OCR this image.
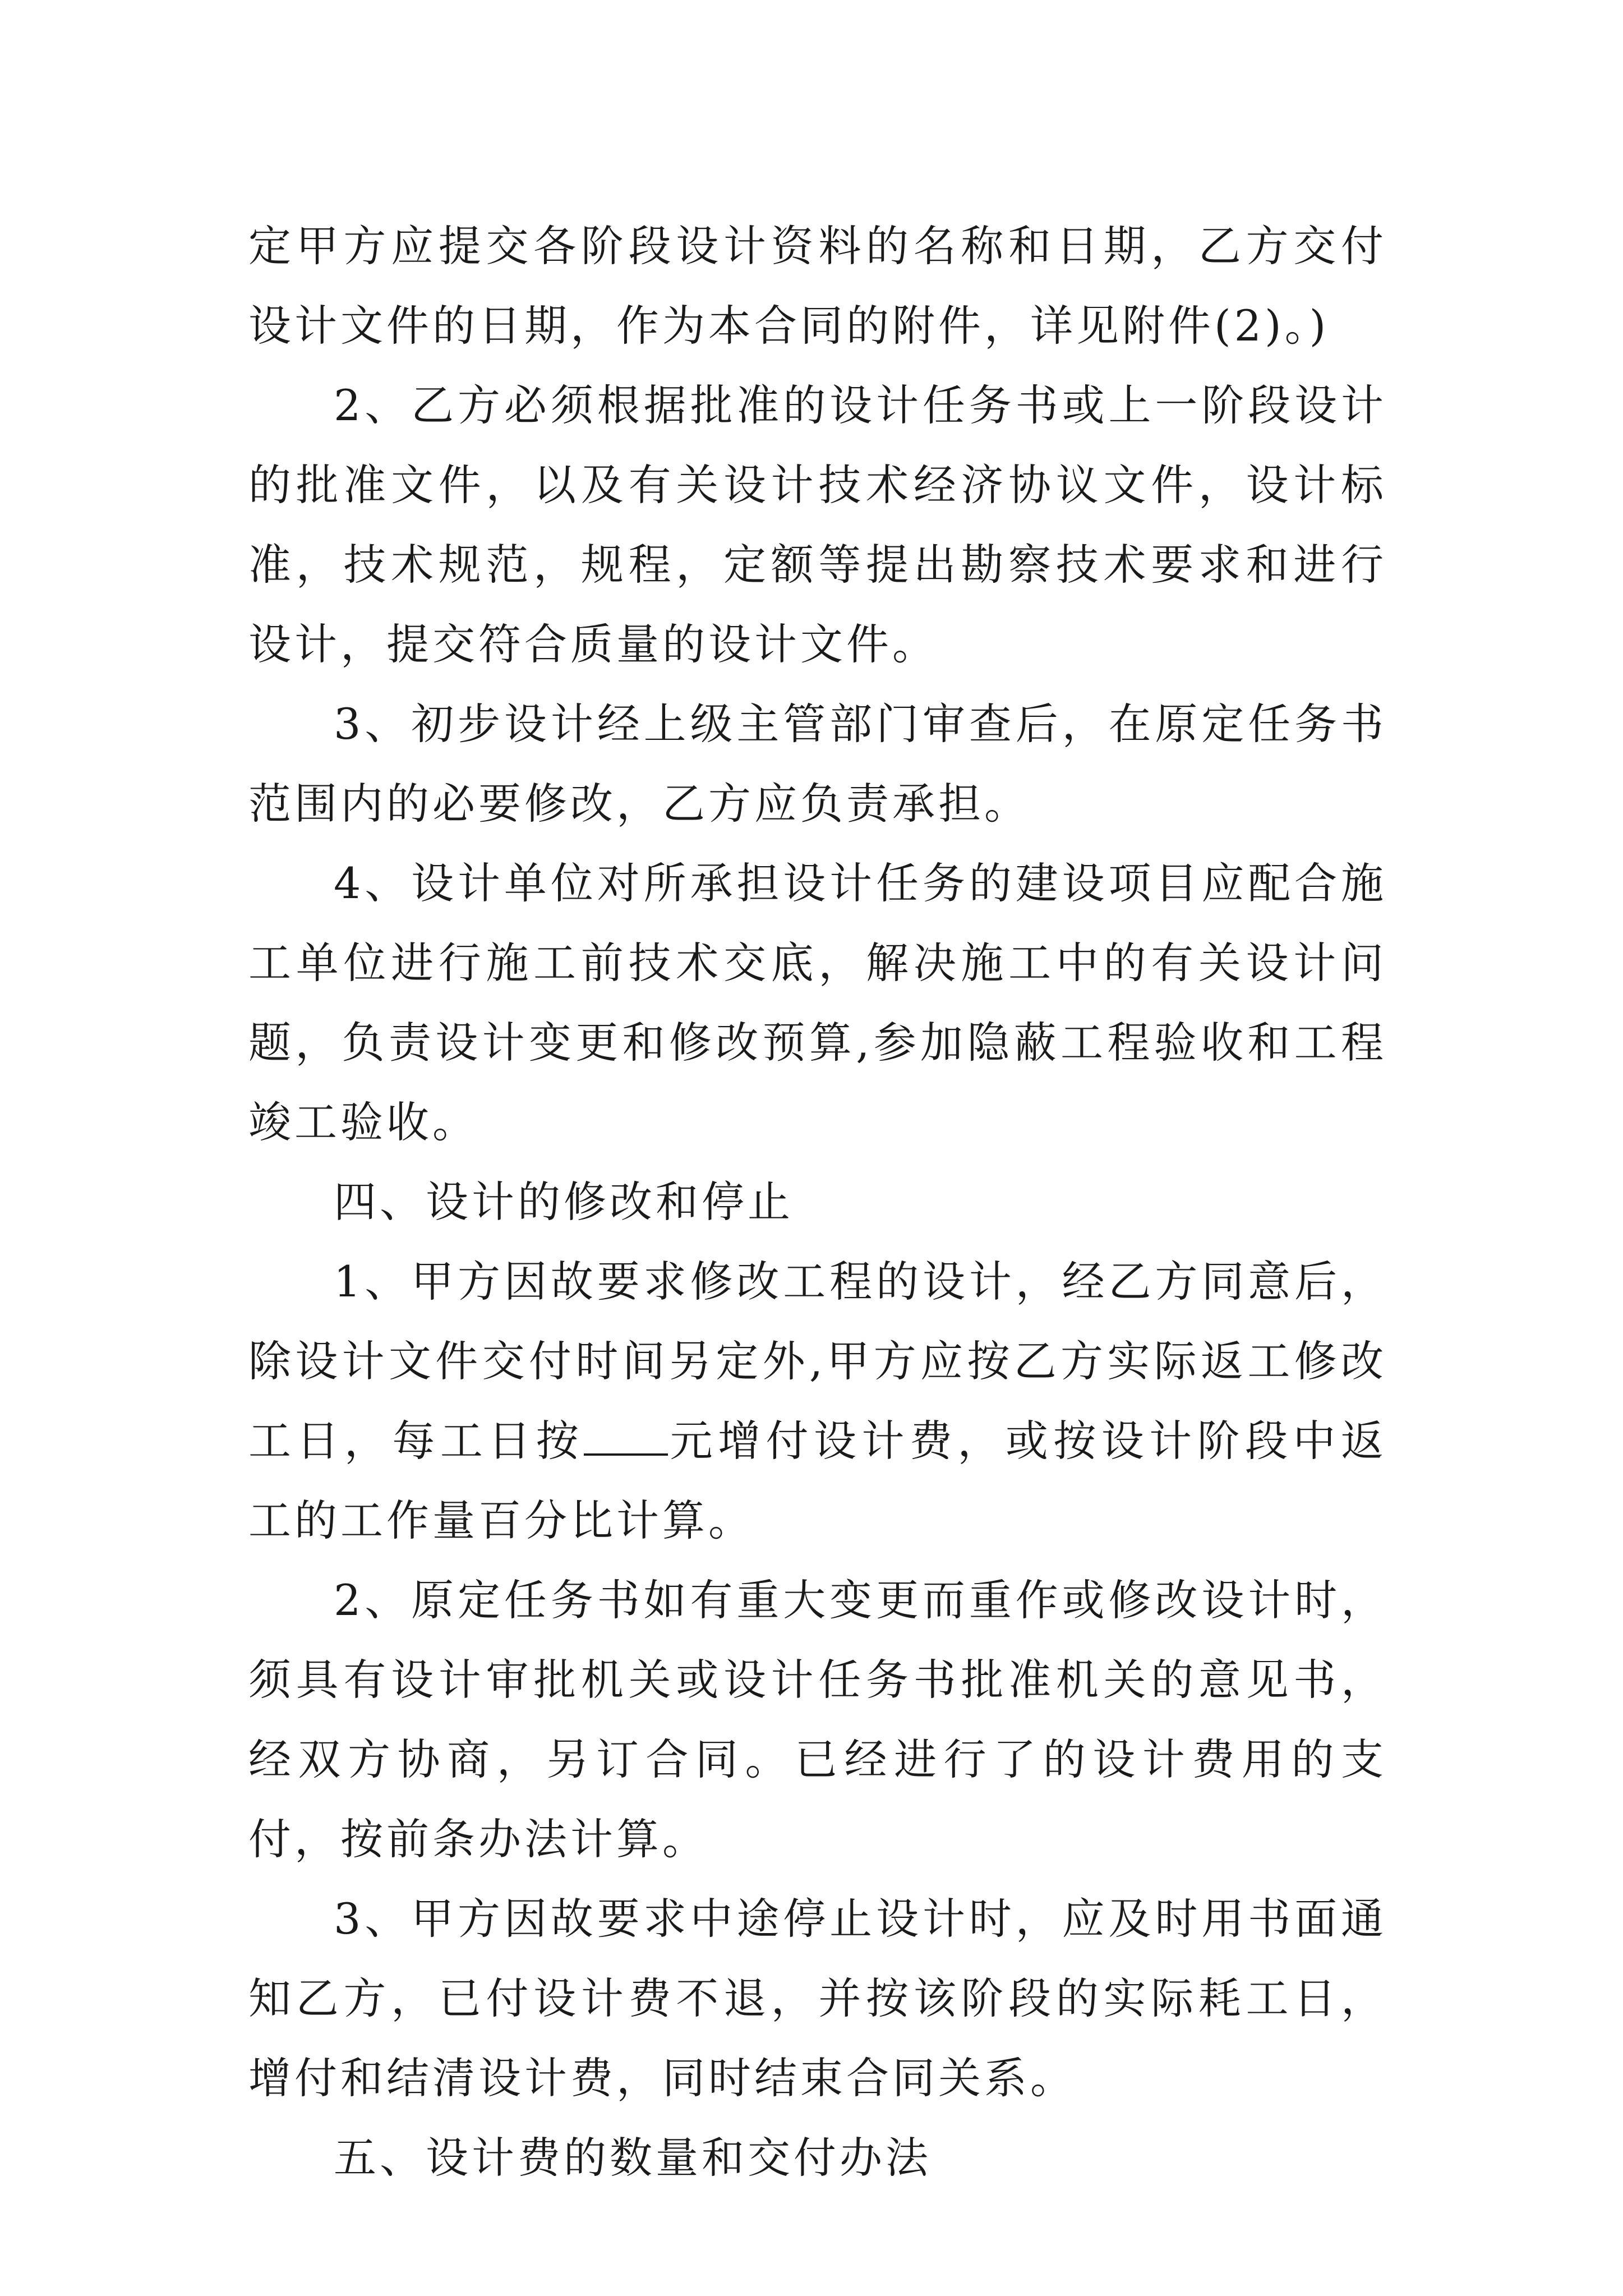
定甲方应提交各阶段设计资料的名称和日期，乙方交付设计文件的日期，作为本合同的附件，详见附件(2)。)

2、乙方必须根据批准的设计任务书或上一阶段设计的批准文件，以及有关设计技术经济协议文件，设计标准，技术规范，规程，定额等提出勘察技术要求和进行设计，提交符合质量的设计文件。

3、初步设计经上级主管部门审查后，在原定任务书范围内的必要修改，乙方应负责承担。

4、设计单位对所承担设计任务的建设项目应配合施工单位进行施工前技术交底，解决施工中的有关设计问题，负责设计变更和修改预算,参加隐蔽工程验收和工程竣工验收。

四、设计的修改和停止

1、甲方因故要求修改工程的设计，经乙方同意后，除设计文件交付时间另定外,甲方应按乙方实际返工修改工日，每工日按 元增付设计费，或按设计阶段中返工的工作量百分比计算。

2、原定任务书如有重大变更而重作或修改设计时，须具有设计审批机关或设计任务书批准机关的意见书，经双方协商，另订合同。已经进行了的设计费用的支付，按前条办法计算。

3、甲方因故要求中途停止设计时，应及时用书面通知乙方，已付设计费不退，并按该阶段的实际耗工日，增付和结清设计费，同时结束合同关系。

五、设计费的数量和交付办法
